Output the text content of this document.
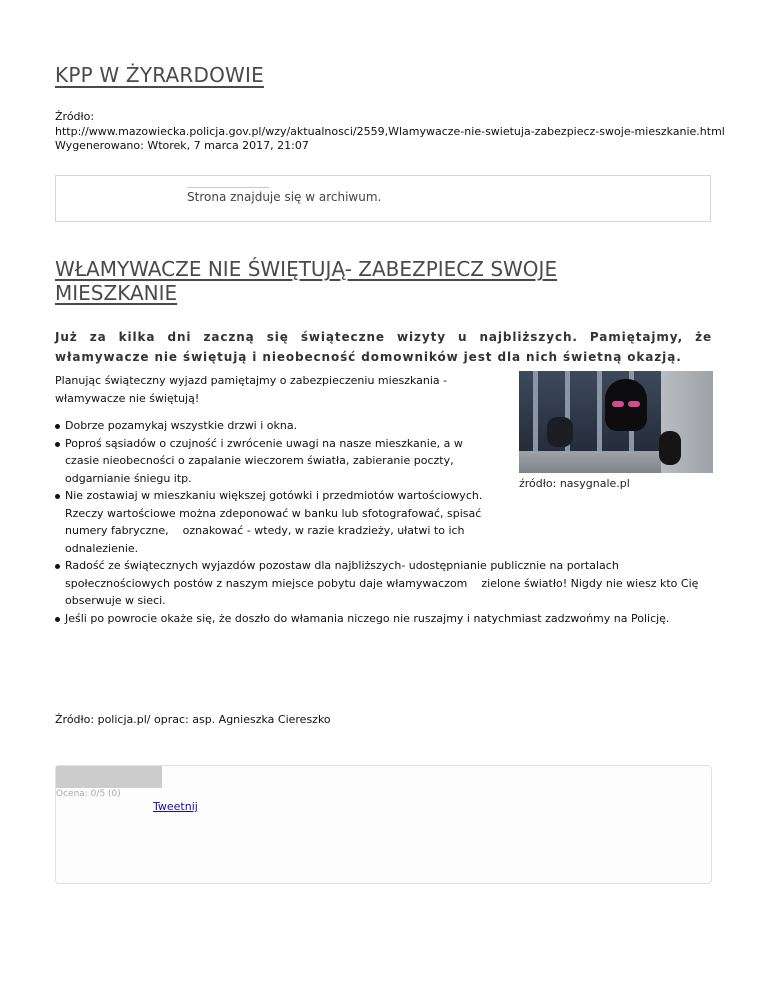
KPP W ŻYRARDOWIE
Źródło:
http://www.mazowiecka.policja.gov.pl/wzy/aktualnosci/2559,Wlamywacze-nie-swietuja-zabezpiecz-swoje-mieszkanie.html
Wygenerowano: Wtorek, 7 marca 2017, 21:07
Strona znajduje się w archiwum.
WŁAMYWACZE NIE ŚWIĘTUJĄ- ZABEZPIECZ SWOJE MIESZKANIE
Już za kilka dni zaczną się świąteczne wizyty u najbliższych. Pamiętajmy, że włamywacze nie świętują i nieobecność domowników jest dla nich świetną okazją.
źródło: nasygnale.pl
Planując świąteczny wyjazd pamiętajmy o zabezpieczeniu mieszkania - włamywacze nie świętują!
Dobrze pozamykaj wszystkie drzwi i okna.
Poproś sąsiadów o czujność i zwrócenie uwagi na nasze mieszkanie, a w czasie nieobecności o zapalanie wieczorem światła, zabieranie poczty, odgarnianie śniegu itp.
Nie zostawiaj w mieszkaniu większej gotówki i przedmiotów wartościowych. Rzeczy wartościowe można zdeponować w banku lub sfotografować, spisać numery fabryczne,    oznakować - wtedy, w razie kradzieży, ułatwi to ich odnalezienie.
Radość ze świątecznych wyjazdów pozostaw dla najbliższych- udostępnianie publicznie na portalach społecznościowych postów z naszym miejsce pobytu daje włamywaczom    zielone światło! Nigdy nie wiesz kto Cię obserwuje w sieci.
Jeśli po powrocie okaże się, że doszło do włamania niczego nie ruszajmy i natychmiast zadzwońmy na Policję.
Źródło: policja.pl/ oprac: asp. Agnieszka Ciereszko
Ocena: 0/5 (0)
Tweetnij
